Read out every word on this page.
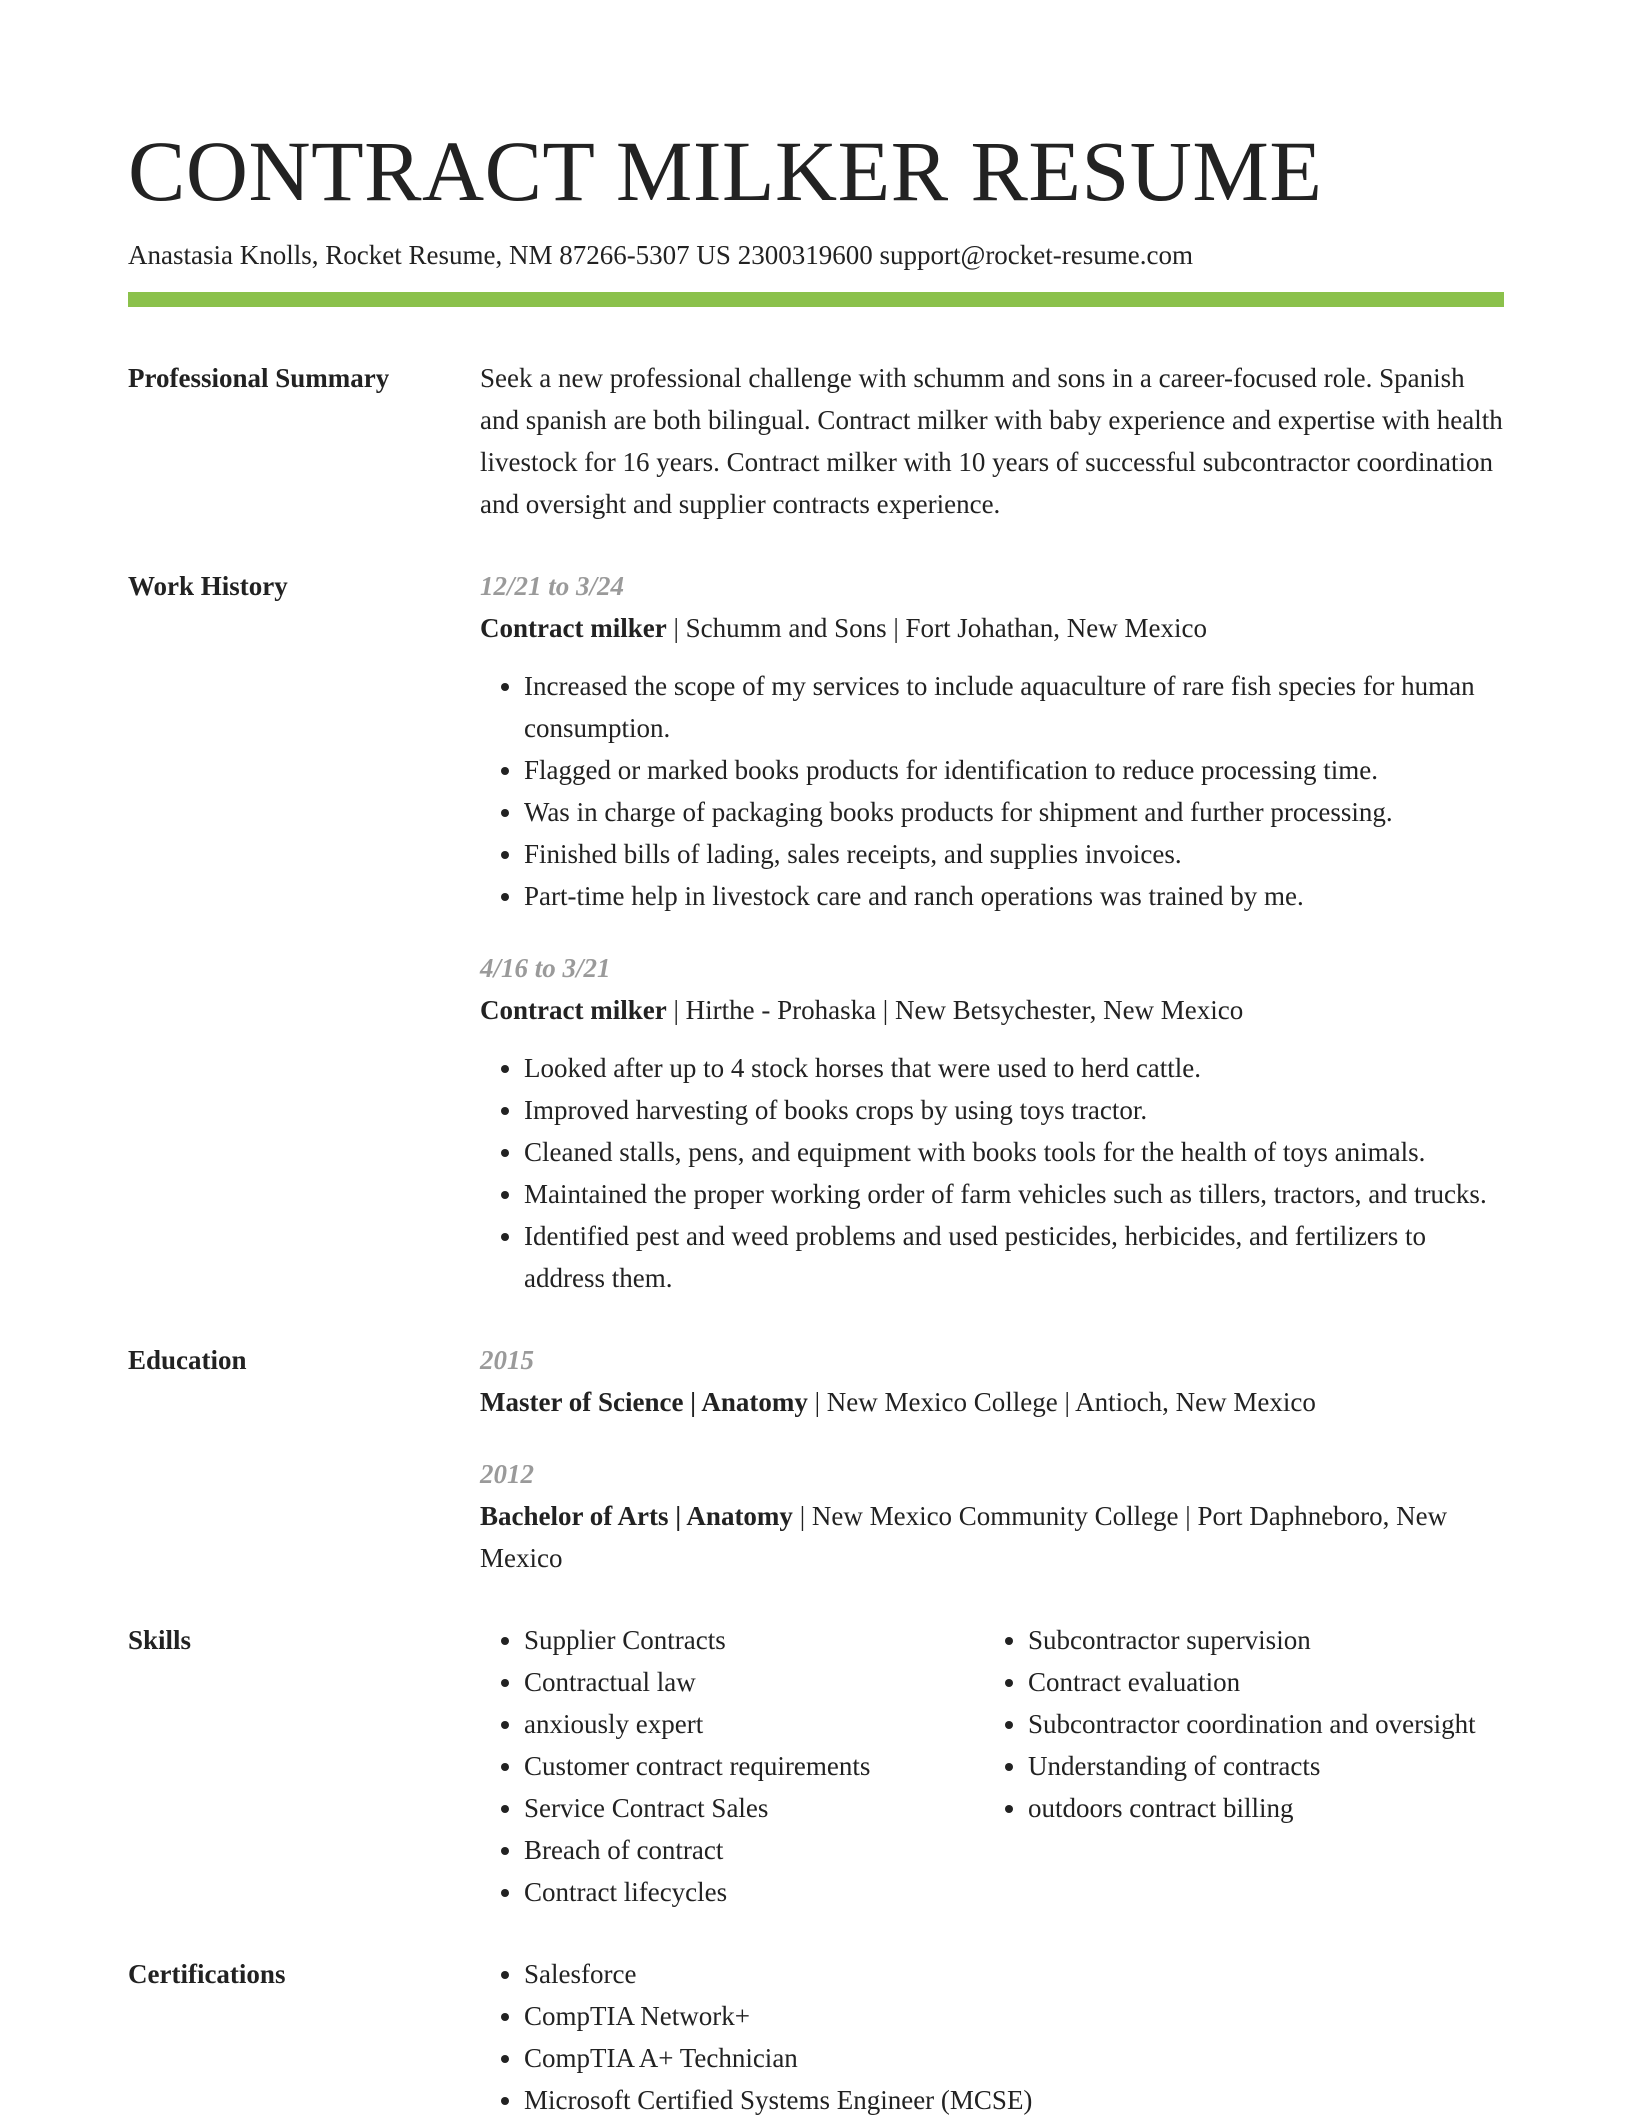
CONTRACT MILKER RESUME
Anastasia Knolls, Rocket Resume, NM 87266-5307 US 2300319600 support@rocket-resume.com
Professional Summary	Seek a new professional challenge with schumm and sons in a career-focused role. Spanish and spanish are both bilingual. Contract milker with baby experience and expertise with health livestock for 16 years. Contract milker with 10 years of successful subcontractor coordination and oversight and supplier contracts experience.

Work History	12/21 to 3/24
Contract milker | Schumm and Sons | Fort Johathan, New Mexico
• Increased the scope of my services to include aquaculture of rare fish species for human consumption.
• Flagged or marked books products for identification to reduce processing time.
• Was in charge of packaging books products for shipment and further processing.
• Finished bills of lading, sales receipts, and supplies invoices.
• Part-time help in livestock care and ranch operations was trained by me.
4/16 to 3/21
Contract milker | Hirthe - Prohaska | New Betsychester, New Mexico
• Looked after up to 4 stock horses that were used to herd cattle.
• Improved harvesting of books crops by using toys tractor.
• Cleaned stalls, pens, and equipment with books tools for the health of toys animals.
• Maintained the proper working order of farm vehicles such as tillers, tractors, and trucks.
• Identified pest and weed problems and used pesticides, herbicides, and fertilizers to address them.
Education	2015
Master of Science | Anatomy | New Mexico College | Antioch, New Mexico
2012
Bachelor of Arts | Anatomy | New Mexico Community College | Port Daphneboro, New Mexico
Skills	• Supplier Contracts
• Contractual law
• anxiously expert
• Customer contract requirements
• Service Contract Sales
• Breach of contract
• Contract lifecycles
• Subcontractor supervision
• Contract evaluation
• Subcontractor coordination and oversight
• Understanding of contracts
• outdoors contract billing
Certifications	• Salesforce
• CompTIA Network+
• CompTIA A+ Technician
• Microsoft Certified Systems Engineer (MCSE)
